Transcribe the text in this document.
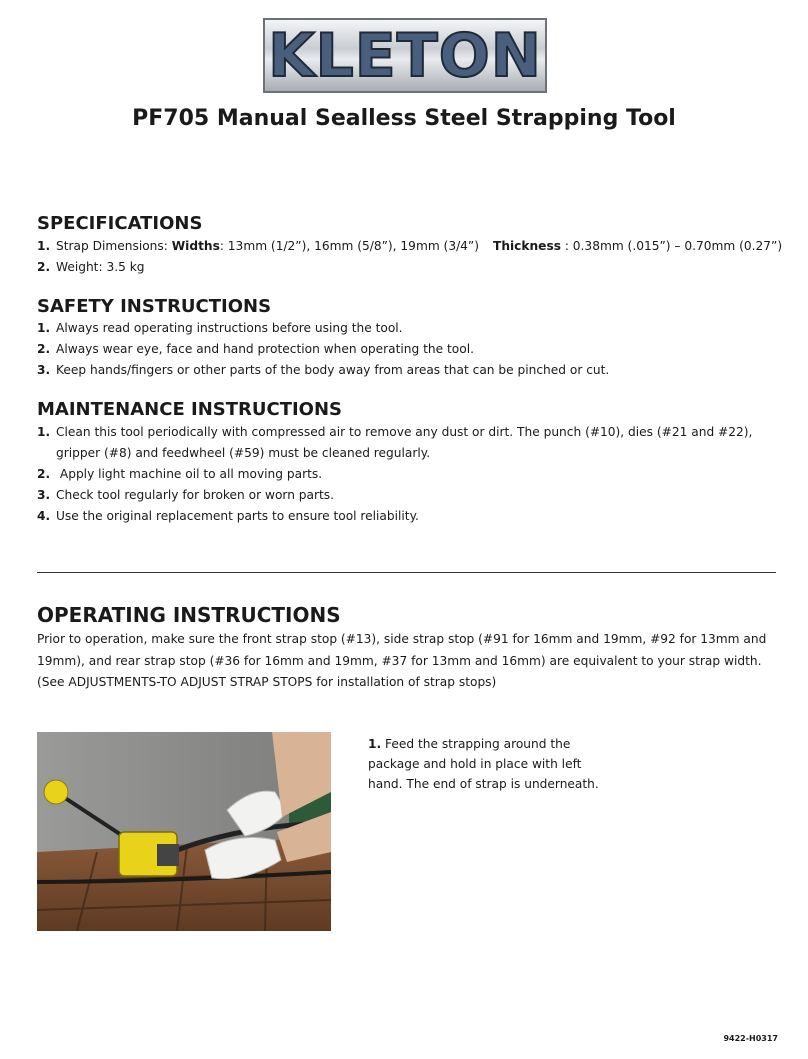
KLETON
PF705 Manual Sealless Steel Strapping Tool
SPECIFICATIONS
1. Strap Dimensions: Widths: 13mm (1/2”), 16mm (5/8”), 19mm (3/4”) Thickness : 0.38mm (.015”) – 0.70mm (0.27”)
2. Weight: 3.5 kg
SAFETY INSTRUCTIONS
1. Always read operating instructions before using the tool.
2. Always wear eye, face and hand protection when operating the tool.
3. Keep hands/fingers or other parts of the body away from areas that can be pinched or cut.
MAINTENANCE INSTRUCTIONS
1. Clean this tool periodically with compressed air to remove any dust or dirt. The punch (#10), dies (#21 and #22),
gripper (#8) and feedwheel (#59) must be cleaned regularly.
2. Apply light machine oil to all moving parts.
3. Check tool regularly for broken or worn parts.
4. Use the original replacement parts to ensure tool reliability.
OPERATING INSTRUCTIONS
Prior to operation, make sure the front strap stop (#13), side strap stop (#91 for 16mm and 19mm, #92 for 13mm and
19mm), and rear strap stop (#36 for 16mm and 19mm, #37 for 13mm and 16mm) are equivalent to your strap width.
(See ADJUSTMENTS-TO ADJUST STRAP STOPS for installation of strap stops)
1. Feed the strapping around the
package and hold in place with left
hand. The end of strap is underneath.
9422-H0317
